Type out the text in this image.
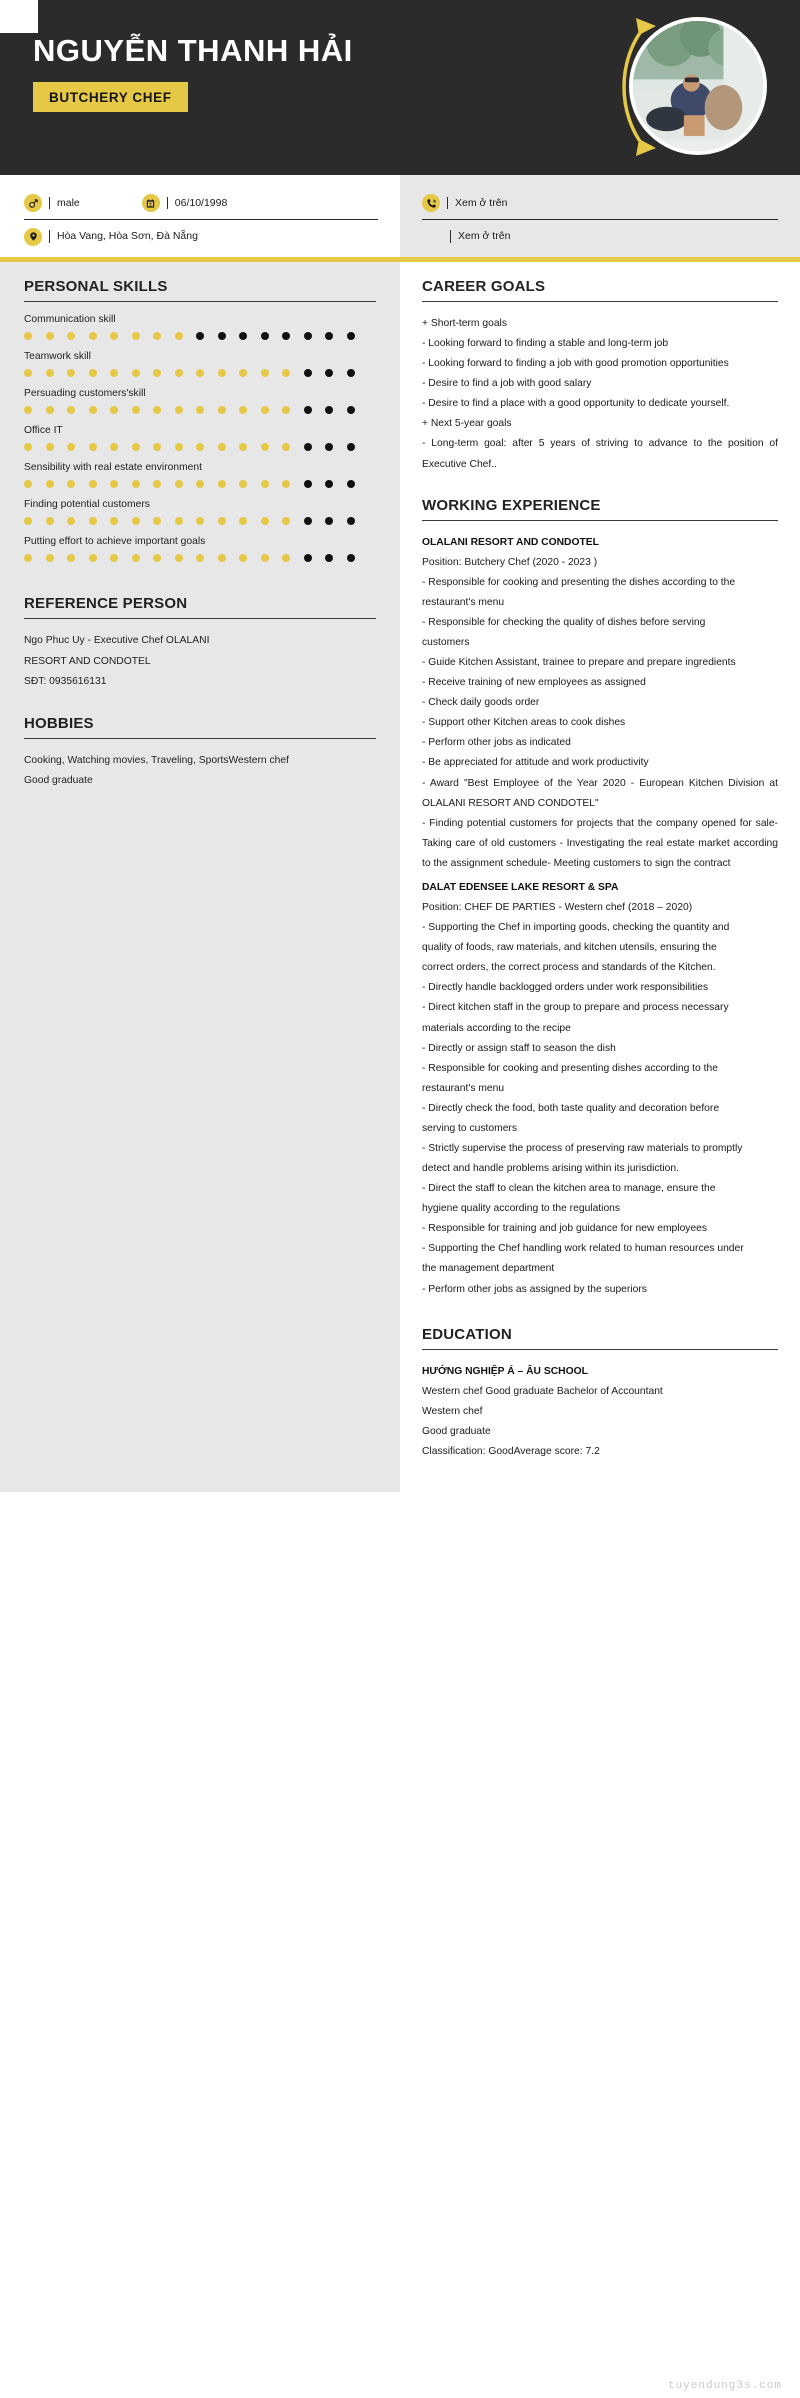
NGUYỄN THANH HẢI
BUTCHERY CHEF
male	06/10/1998
Hòa Vang, Hòa Sơn, Đà Nẵng
Xem ở trên
Xem ở trên
PERSONAL SKILLS
Communication skill
Teamwork skill
Persuading customers'skill
Office IT
Sensibility with real estate environment
Finding potential customers
Putting effort to achieve important goals
REFERENCE PERSON
Ngo Phuc Uy - Executive Chef OLALANI
RESORT AND CONDOTEL
SĐT: 0935616131
HOBBIES
Cooking, Watching movies, Traveling, SportsWestern chef
Good graduate
CAREER GOALS
+ Short-term goals
- Looking forward to finding a stable and long-term job
- Looking forward to finding a job with good promotion opportunities
- Desire to find a job with good salary
- Desire to find a place with a good opportunity to dedicate yourself.
+ Next 5-year goals
- Long-term goal: after 5 years of striving to advance to the position of Executive Chef..
WORKING EXPERIENCE
OLALANI RESORT AND CONDOTEL
Position: Butchery Chef (2020 - 2023 )
- Responsible for cooking and presenting the dishes according to the
restaurant's menu
- Responsible for checking the quality of dishes before serving
customers
- Guide Kitchen Assistant, trainee to prepare and prepare ingredients
- Receive training of new employees as assigned
- Check daily goods order
- Support other Kitchen areas to cook dishes
- Perform other jobs as indicated
- Be appreciated for attitude and work productivity
- Award "Best Employee of the Year 2020 - European Kitchen Division at OLALANI RESORT AND CONDOTEL"
- Finding potential customers for projects that the company opened for sale- Taking care of old customers - Investigating the real estate market according to the assignment schedule- Meeting customers to sign the contract
DALAT EDENSEE LAKE RESORT & SPA
Position: CHEF DE PARTIES - Western chef (2018 – 2020)
- Supporting the Chef in importing goods, checking the quantity and
quality of foods, raw materials, and kitchen utensils, ensuring the
correct orders, the correct process and standards of the Kitchen.
- Directly handle backlogged orders under work responsibilities
- Direct kitchen staff in the group to prepare and process necessary
materials according to the recipe
- Directly or assign staff to season the dish
- Responsible for cooking and presenting dishes according to the
restaurant's menu
- Directly check the food, both taste quality and decoration before
serving to customers
- Strictly supervise the process of preserving raw materials to promptly
detect and handle problems arising within its jurisdiction.
- Direct the staff to clean the kitchen area to manage, ensure the
hygiene quality according to the regulations
- Responsible for training and job guidance for new employees
- Supporting the Chef handling work related to human resources under
the management department
- Perform other jobs as assigned by the superiors
EDUCATION
HƯỚNG NGHIỆP Á – ÂU SCHOOL
Western chef Good graduate Bachelor of Accountant
Western chef
Good graduate
Classification: GoodAverage score: 7.2
tuyendung3s.com
